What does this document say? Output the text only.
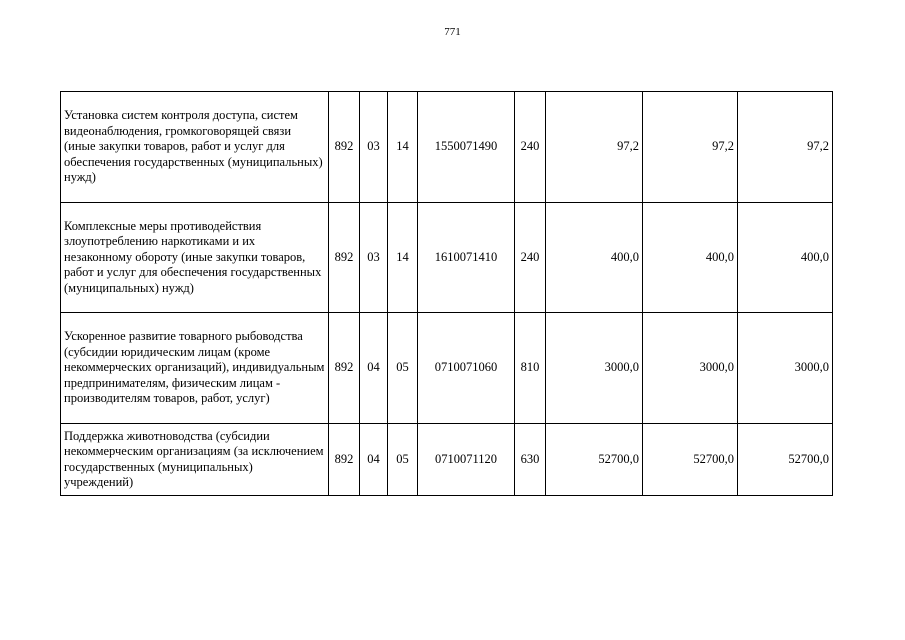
771
Установка систем контроля доступа, систем видеонаблюдения, громкоговорящей связи (иные закупки товаров, работ и услуг для обеспечения государственных (муниципальных) нужд)	892	03	14	1550071490	240	97,2	97,2	97,2
Комплексные меры противодействия злоупотреблению наркотиками и их незаконному обороту (иные закупки товаров, работ и услуг для обеспечения государственных (муниципальных) нужд)	892	03	14	1610071410	240	400,0	400,0	400,0
Ускоренное развитие товарного рыбоводства (субсидии юридическим лицам (кроме некоммерческих организаций), индивидуальным предпринимателям, физическим лицам - производителям товаров, работ, услуг)	892	04	05	0710071060	810	3000,0	3000,0	3000,0
Поддержка животноводства (субсидии некоммерческим организациям (за исключением государственных (муниципальных) учреждений)	892	04	05	0710071120	630	52700,0	52700,0	52700,0
